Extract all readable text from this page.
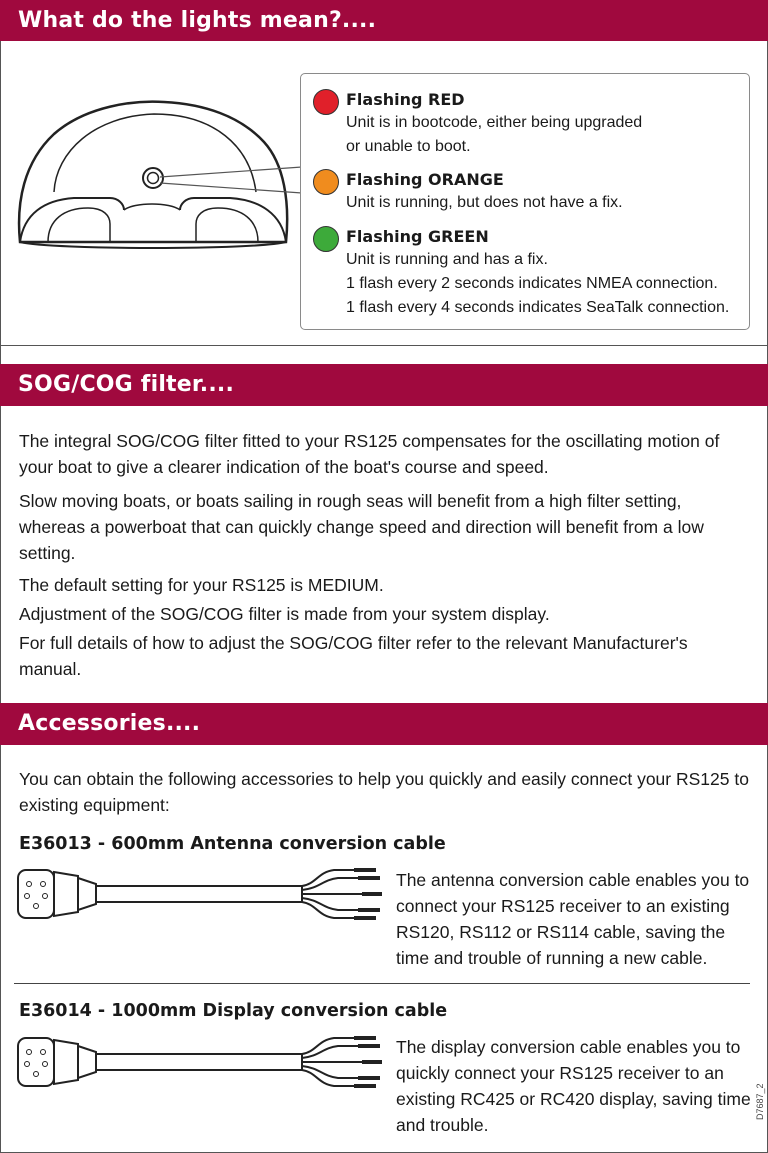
What do the lights mean?....
Flashing RED
Unit is in bootcode, either being upgraded
or unable to boot.
Flashing ORANGE
Unit is running, but does not have a fix.
Flashing GREEN
Unit is running and has a fix.
1 flash every 2 seconds indicates NMEA connection.
1 flash every 4 seconds indicates SeaTalk connection.
SOG/COG filter....
The integral SOG/COG filter fitted to your RS125 compensates for the oscillating motion of your boat to give a clearer indication of the boat's course and speed.
Slow moving boats, or boats sailing in rough seas will benefit from a high filter setting, whereas a powerboat that can quickly change speed and direction will benefit from a low setting.
The default setting for your RS125 is MEDIUM.
Adjustment of the SOG/COG filter is made from your system display.
For full details of how to adjust the SOG/COG filter refer to the relevant Manufacturer's manual.
Accessories....
You can obtain the following accessories to help you quickly and easily connect your RS125 to existing equipment:
E36013 - 600mm Antenna conversion cable
The antenna conversion cable enables you to connect your RS125 receiver to an existing RS120, RS112 or RS114 cable, saving the time and trouble of running a new cable.
E36014 - 1000mm Display conversion cable
The display conversion cable enables you to quickly connect your RS125 receiver to an existing RC425 or RC420 display, saving time and trouble.
D7687_2
